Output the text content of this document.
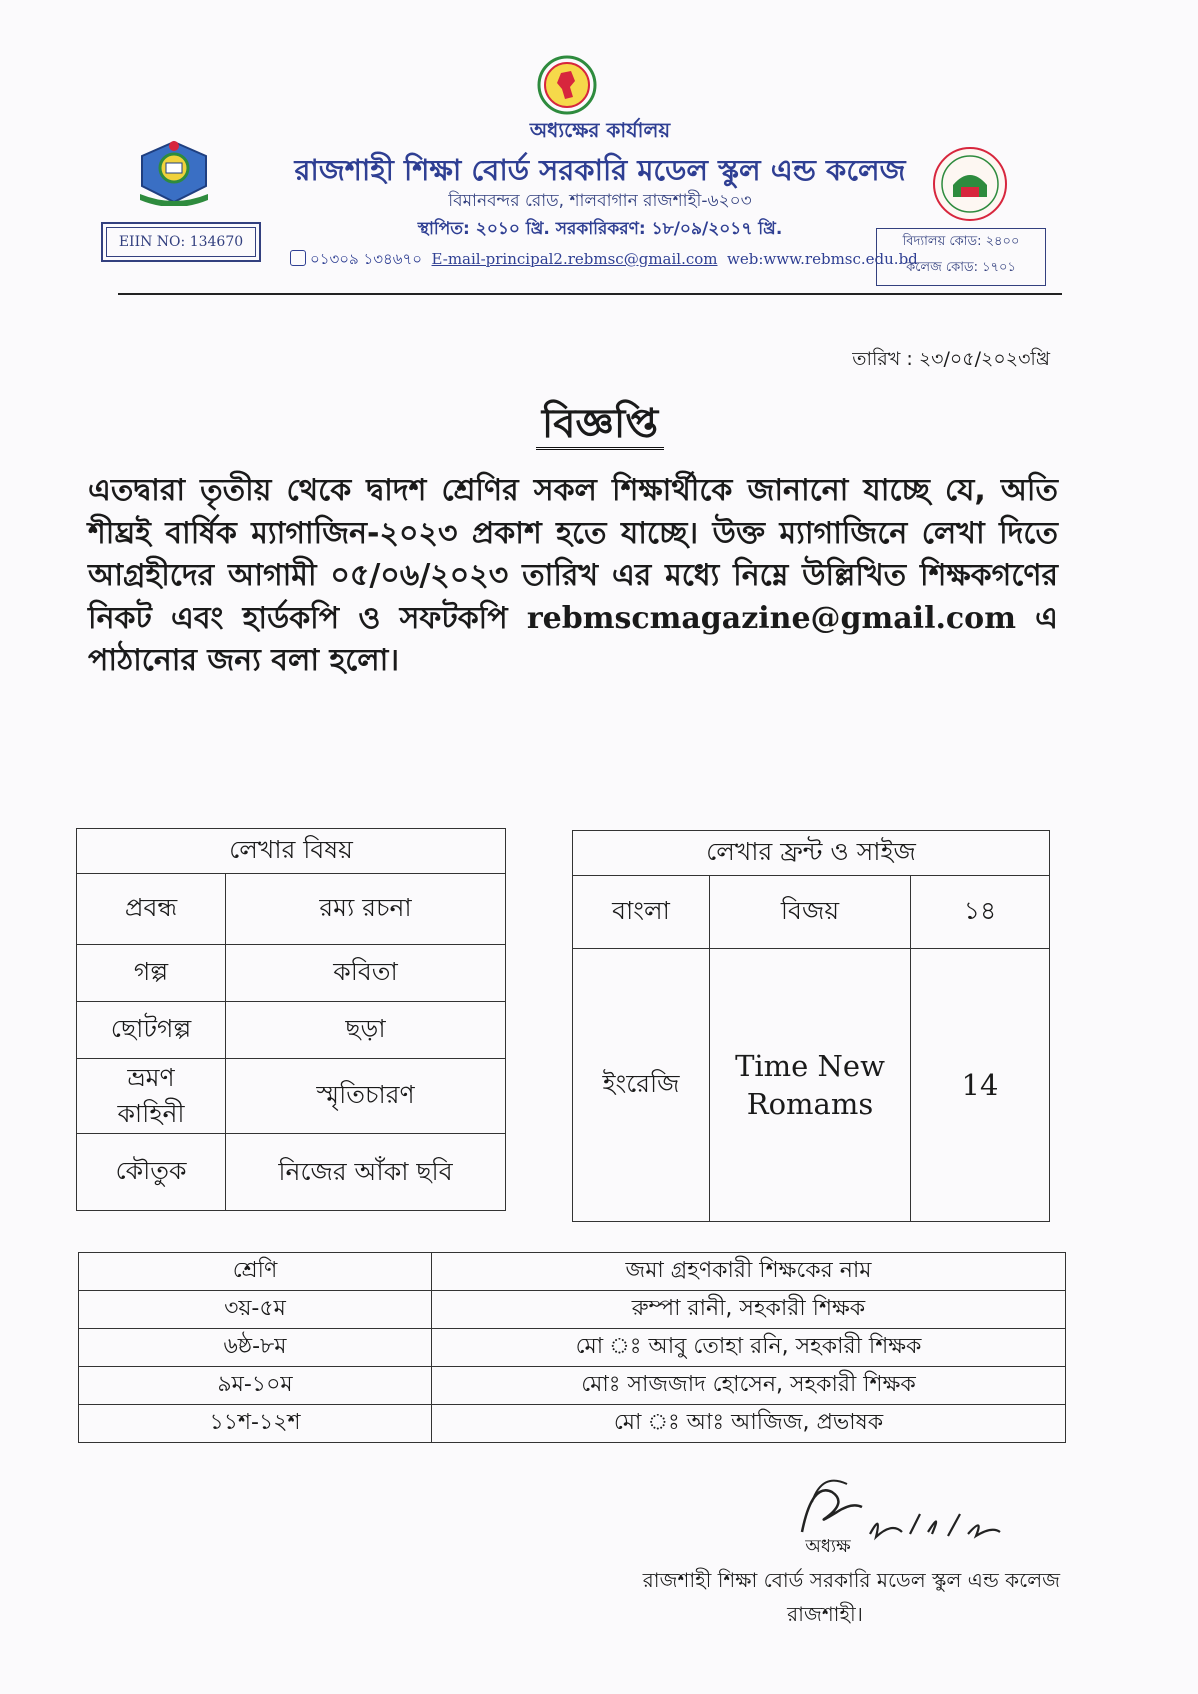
অধ্যক্ষের কার্যালয়
রাজশাহী শিক্ষা বোর্ড সরকারি মডেল স্কুল এন্ড কলেজ
বিমানবন্দর রোড, শালবাগান রাজশাহী-৬২০৩
স্থাপিত: ২০১০ খ্রি. সরকারিকরণ: ১৮/০৯/২০১৭ খ্রি.
০১৩০৯ ১৩৪৬৭০ E-mail-principal2.rebmsc@gmail.com web:www.rebmsc.edu.bd
EIIN NO: 134670	বিদ্যালয় কোড: ২৪০০
কলেজ কোড: ১৭০১
তারিখ : ২৩/০৫/২০২৩খ্রি
বিজ্ঞপ্তি
এতদ্বারা তৃতীয় থেকে দ্বাদশ শ্রেণির সকল শিক্ষার্থীকে জানানো যাচ্ছে যে, অতি শীঘ্রই বার্ষিক ম্যাগাজিন-২০২৩ প্রকাশ হতে যাচ্ছে। উক্ত ম্যাগাজিনে লেখা দিতে আগ্রহীদের আগামী ০৫/০৬/২০২৩ তারিখ এর মধ্যে নিম্নে উল্লিখিত শিক্ষকগণের নিকট এবং হার্ডকপি ও সফটকপি rebmscmagazine@gmail.com এ পাঠানোর জন্য বলা হলো।
লেখার বিষয়	
প্রবন্ধ	রম্য রচনা
গল্প	কবিতা
ছোটগল্প	ছড়া
ভ্রমণ কাহিনী	স্মৃতিচারণ
কৌতুক	নিজের আঁকা ছবি
লেখার ফ্রন্ট ও সাইজ		
বাংলা	বিজয়	১৪
ইংরেজি	Time New Romams	14
শ্রেণি	জমা গ্রহণকারী শিক্ষকের নাম
৩য়-৫ম	রুম্পা রানী, সহকারী শিক্ষক
৬ষ্ঠ-৮ম	মো ঃ আবু তোহা রনি, সহকারী শিক্ষক
৯ম-১০ম	মোঃ সাজজাদ হোসেন, সহকারী শিক্ষক
১১শ-১২শ	মো ঃ আঃ আজিজ, প্রভাষক
অধ্যক্ষ
রাজশাহী শিক্ষা বোর্ড সরকারি মডেল স্কুল এন্ড কলেজ
রাজশাহী।
